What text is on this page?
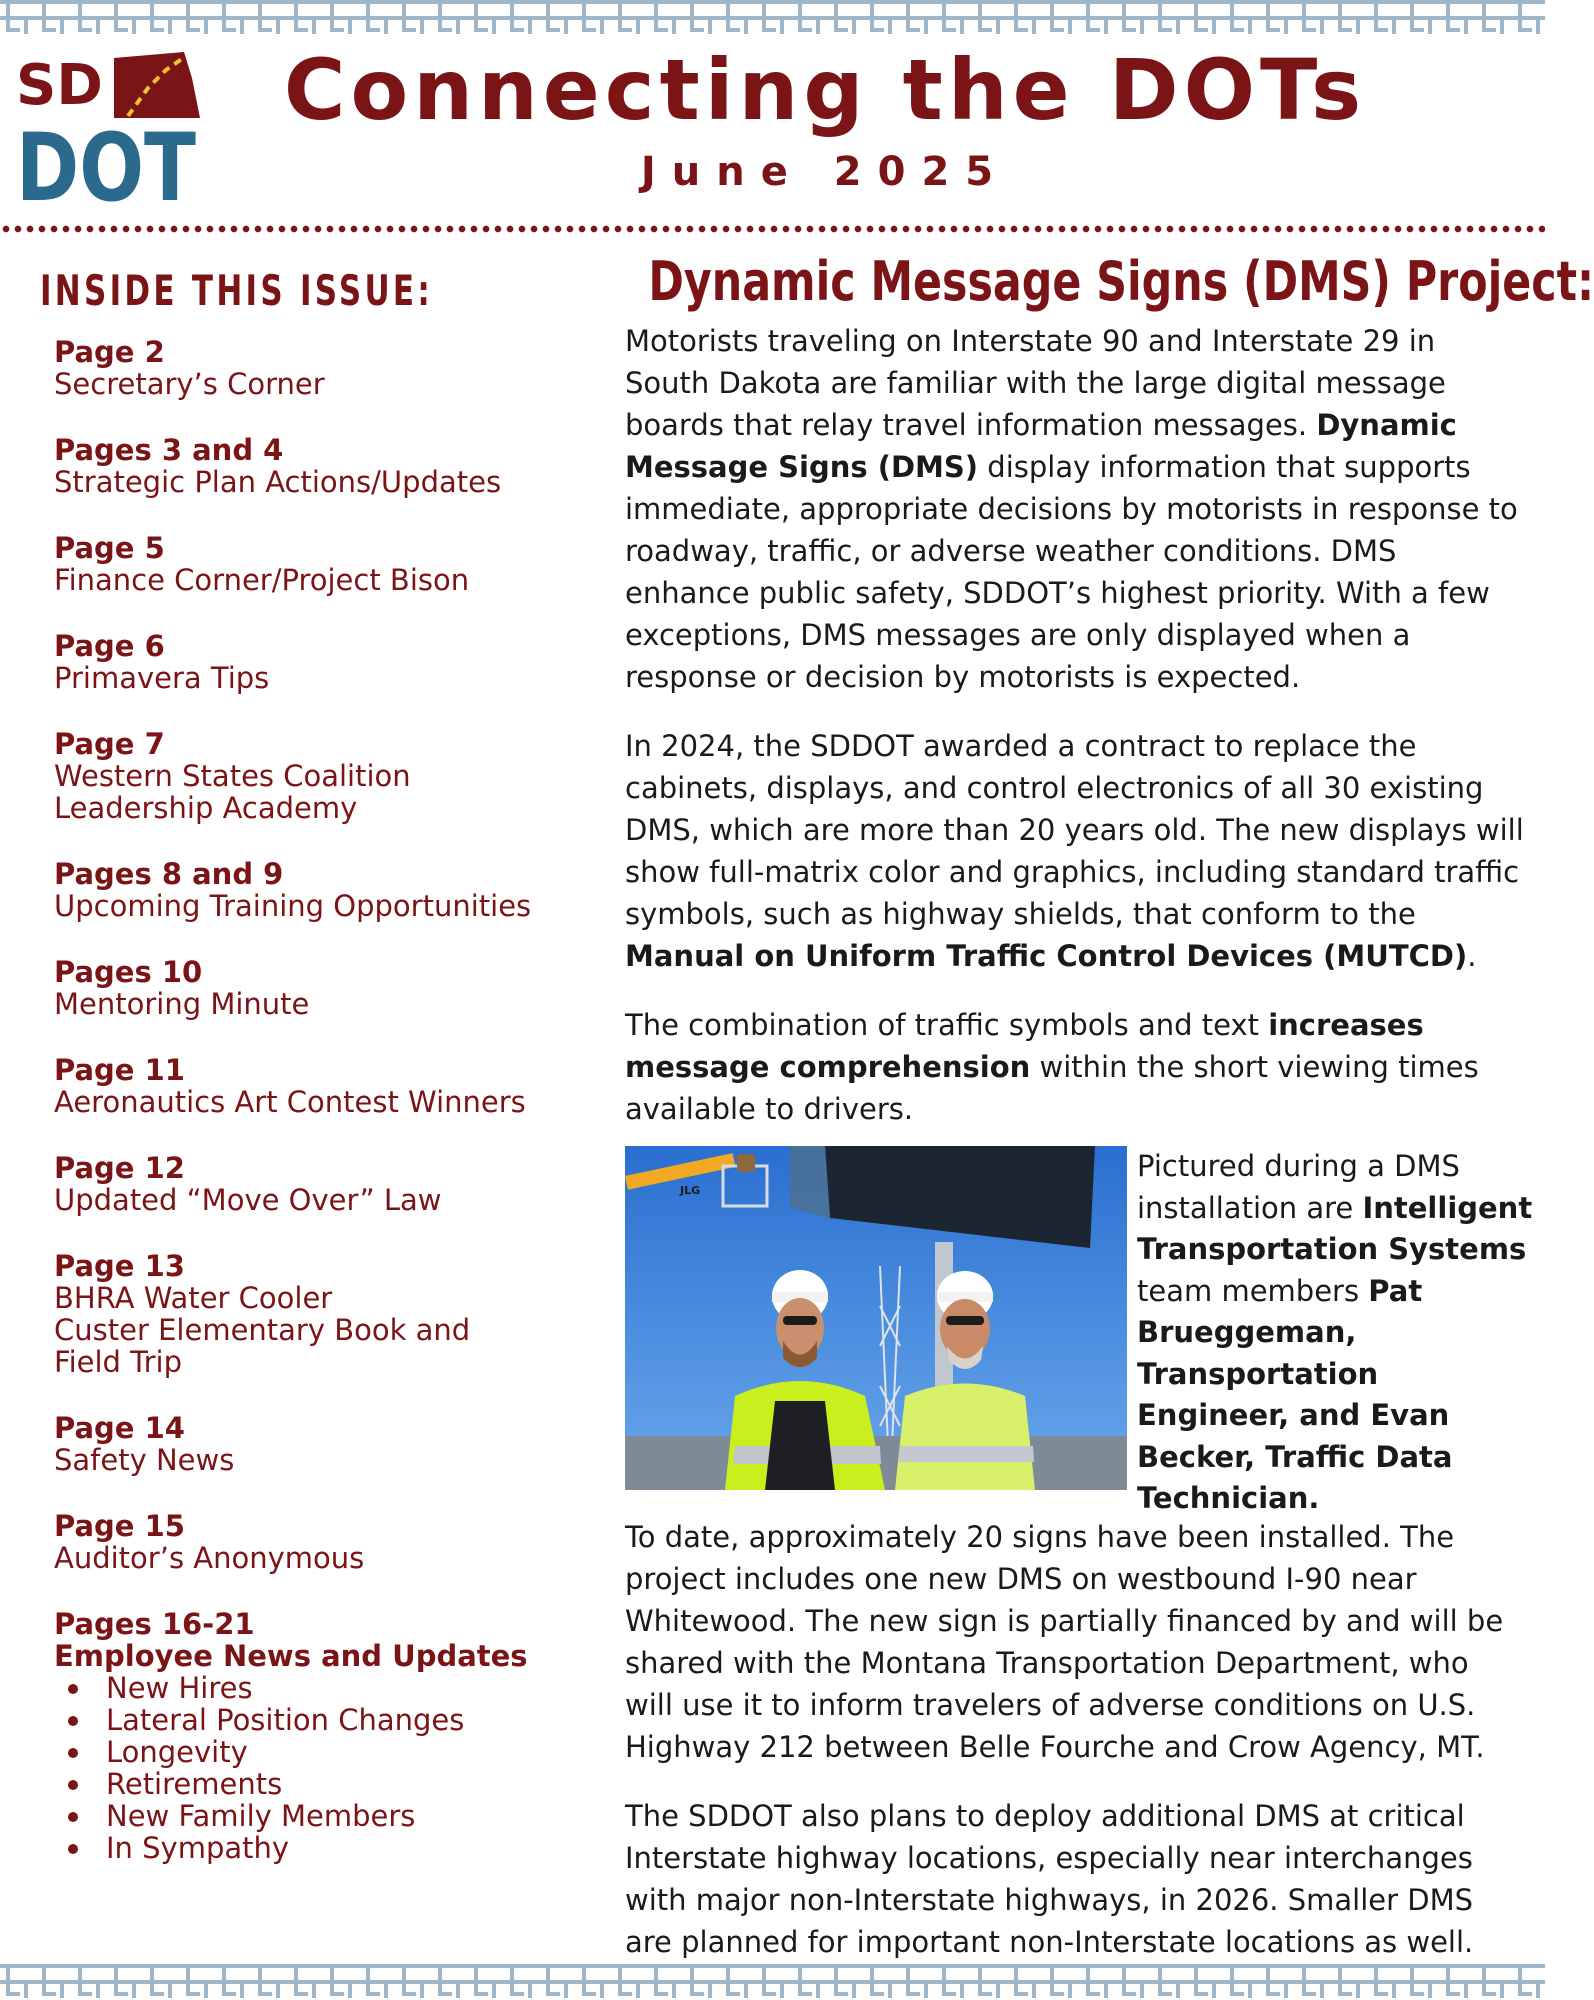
SD
DOT
Connecting the DOTs
June 2025
INSIDE THIS ISSUE:
Page 2
Secretary’s Corner
Pages 3 and 4
Strategic Plan Actions/Updates
Page 5
Finance Corner/Project Bison
Page 6
Primavera Tips
Page 7
Western States Coalition
Leadership Academy
Pages 8 and 9
Upcoming Training Opportunities
Pages 10
Mentoring Minute
Page 11
Aeronautics Art Contest Winners
Page 12
Updated “Move Over” Law
Page 13
BHRA Water Cooler
Custer Elementary Book and
Field Trip
Page 14
Safety News
Page 15
Auditor’s Anonymous
Pages 16-21
Employee News and Updates
New Hires
Lateral Position Changes
Longevity
Retirements
New Family Members
In Sympathy
Dynamic Message Signs (DMS) Project:

Motorists traveling on Interstate 90 and Interstate 29 in South Dakota are familiar with the large digital message boards that relay travel information messages. Dynamic Message Signs (DMS) display information that supports immediate, appropriate decisions by motorists in response to roadway, traffic, or adverse weather conditions. DMS enhance public safety, SDDOT’s highest priority. With a few exceptions, DMS messages are only displayed when a response or decision by motorists is expected.

In 2024, the SDDOT awarded a contract to replace the cabinets, displays, and control electronics of all 30 existing DMS, which are more than 20 years old. The new displays will show full-matrix color and graphics, including standard traffic symbols, such as highway shields, that conform to the Manual on Uniform Traffic Control Devices (MUTCD).

The combination of traffic symbols and text increases message comprehension within the short viewing times available to drivers.

JLG

Pictured during a DMS installation are Intelligent Transportation Systems team members Pat Brueggeman, Transportation Engineer, and Evan Becker, Traffic Data Technician.

To date, approximately 20 signs have been installed. The project includes one new DMS on westbound I-90 near Whitewood. The new sign is partially financed by and will be shared with the Montana Transportation Department, who will use it to inform travelers of adverse conditions on U.S. Highway 212 between Belle Fourche and Crow Agency, MT.

The SDDOT also plans to deploy additional DMS at critical Interstate highway locations, especially near interchanges with major non-Interstate highways, in 2026. Smaller DMS are planned for important non-Interstate locations as well.
